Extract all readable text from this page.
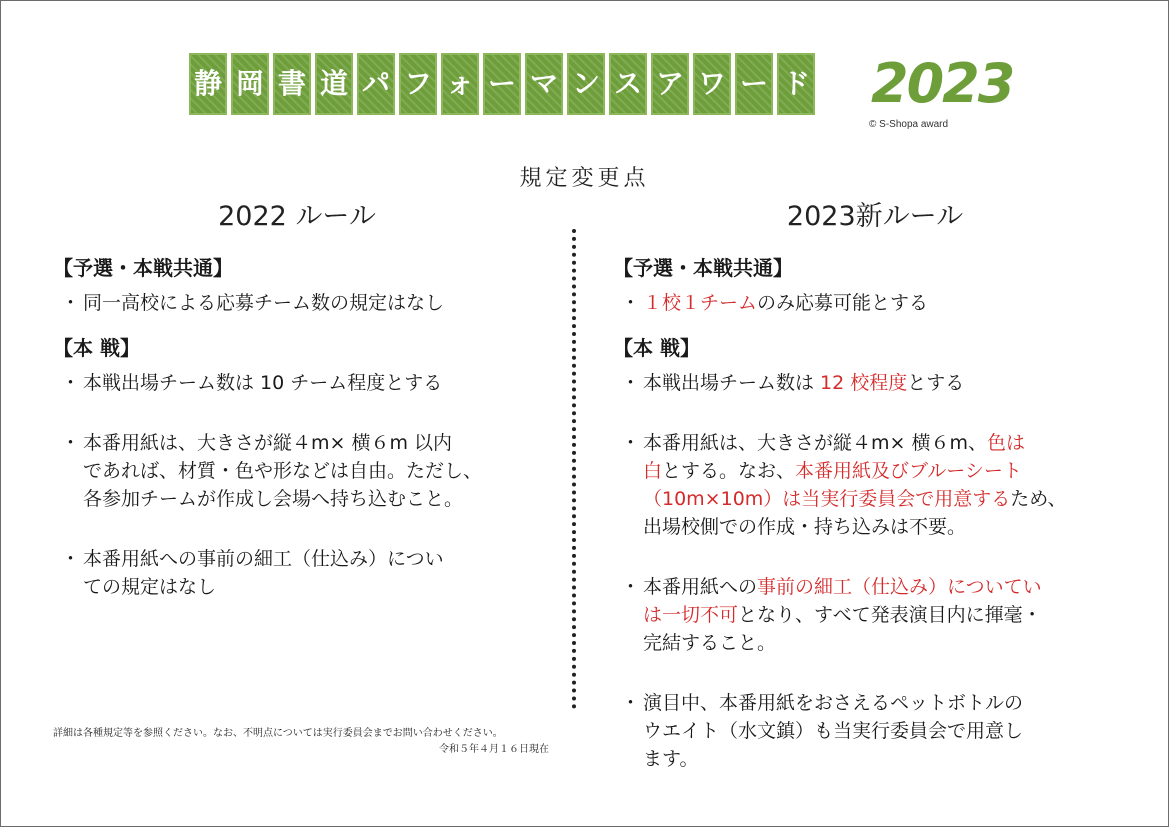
静 岡 書 道 パ フ ォ ー マ ン ス ア ワ ー ド 2023
© S-Shopa award
規定変更点
2022 ルール	2023新ルール
【予選・本戦共通】
・ 同一高校による応募チーム数の規定はなし
【本 戦】
・ 本戦出場チーム数は 10 チーム程度とする
・ 本番用紙は、大きさが縦４m× 横６m 以内
であれば、材質・色や形などは自由。ただし、
各参加チームが作成し会場へ持ち込むこと。
・ 本番用紙への事前の細工（仕込み）につい
ての規定はなし
【予選・本戦共通】
・ １校１チームのみ応募可能とする
【本 戦】
・ 本戦出場チーム数は 12 校程度とする
・ 本番用紙は、大きさが縦４m× 横６m、色は
白とする。なお、本番用紙及びブルーシート
（10m×10m）は当実行委員会で用意するため、
出場校側での作成・持ち込みは不要。
・ 本番用紙への事前の細工（仕込み）についてい
は一切不可となり、すべて発表演目内に揮毫・
完結すること。
・ 演目中、本番用紙をおさえるペットボトルの
ウエイト（水文鎮）も当実行委員会で用意し
ます。
詳細は各種規定等を参照ください。なお、不明点については実行委員会までお問い合わせください。
令和５年４月１６日現在
